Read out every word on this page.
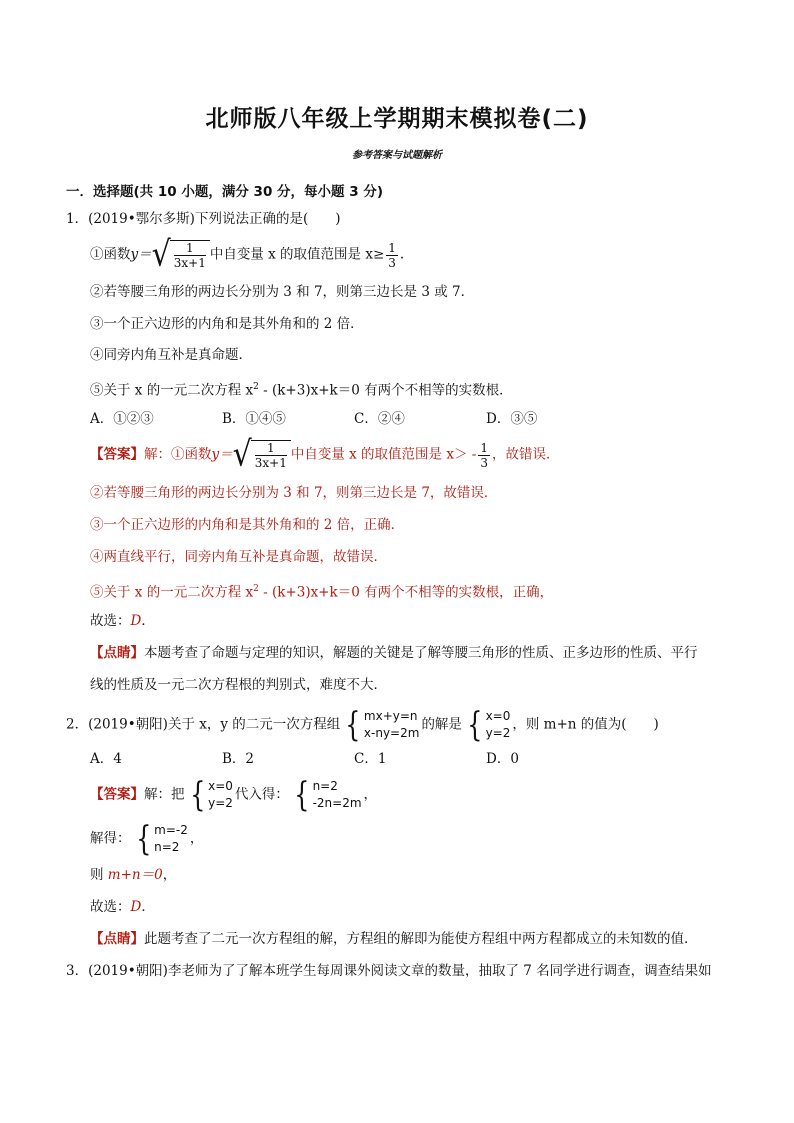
北师版八年级上学期期末模拟卷(二)
参考答案与试题解析
一．选择题(共 10 小题，满分 30 分，每小题 3 分)
1．(2019•鄂尔多斯)下列说法正确的是(　　)
①函数y＝ √ $\frac{1}{3x+1}$ 中自变量 x 的取值范围是 $x\ge \frac{1}{3}$ .
②若等腰三角形的两边长分别为 3 和 7，则第三边长是 3 或 7．
③一个正六边形的内角和是其外角和的 2 倍．
④同旁内角互补是真命题．
⑤关于 x 的一元二次方程 $x^2 - (k+3)x+k=0$ 有两个不相等的实数根．
A．①②③	B．①④⑤	C．②④	D．③⑤
【答案】解：①函数y＝ √ $\frac{1}{3x+1}$ 中自变量 x 的取值范围是 $x> - \frac{1}{3}$ ，故错误．
②若等腰三角形的两边长分别为 3 和 7，则第三边长是 7，故错误．
③一个正六边形的内角和是其外角和的 2 倍，正确．
④两直线平行，同旁内角互补是真命题，故错误．
⑤关于 x 的一元二次方程 $x^2 - (k+3)x+k=0$ 有两个不相等的实数根，正确，
故选：D．
【点睛】本题考查了命题与定理的知识，解题的关键是了解等腰三角形的性质、正多边形的性质、平行
线的性质及一元二次方程根的判别式，难度不大．
2．(2019•朝阳)关于 x，y 的二元一次方程组 { mx+y=n
x-ny=2m
的解是 { x=0
y=2
，则 m+n 的值为(　　)
A．4	B．2	C．1	D．0
【答案】解：把 { x=0
y=2
代入得： { n=2
-2n=2m
，
解得： { m=-2
n=2
，
则 m+n＝0，
故选：D．
【点睛】此题考查了二元一次方程组的解，方程组的解即为能使方程组中两方程都成立的未知数的值．
3．(2019•朝阳)李老师为了了解本班学生每周课外阅读文章的数量，抽取了 7 名同学进行调查，调查结果如
